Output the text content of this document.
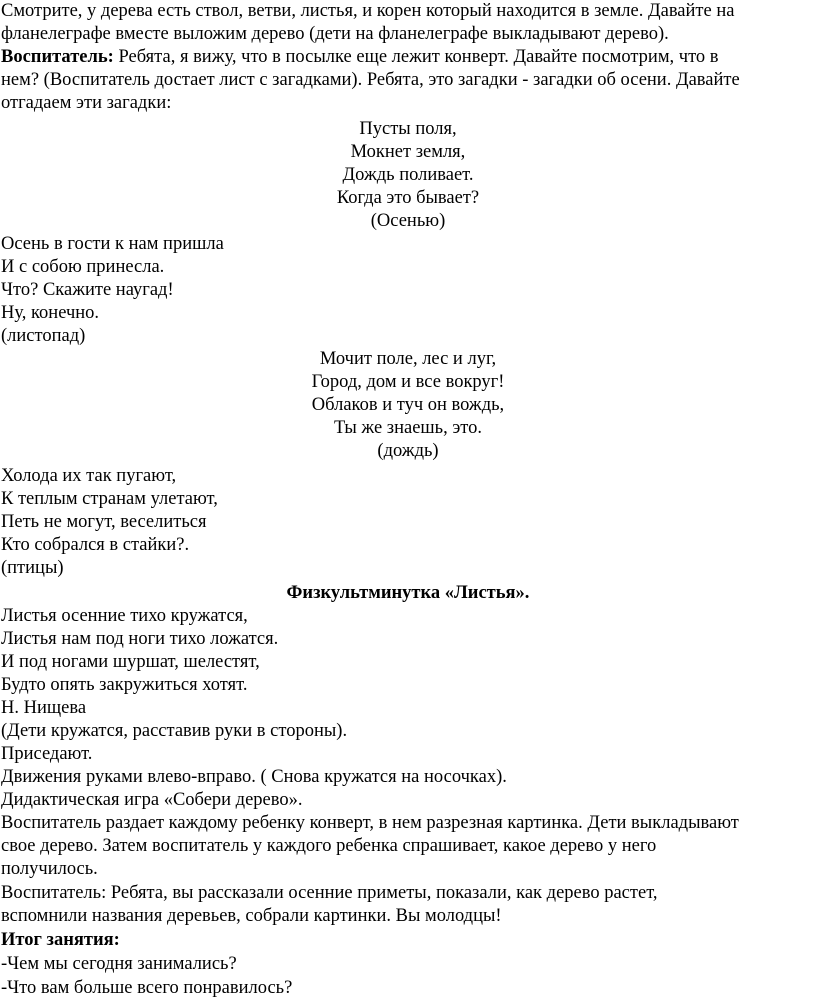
Смотрите, у дерева есть ствол, ветви, листья, и корен который находится в земле. Давайте на
фланелеграфе вместе выложим дерево (дети на фланелеграфе выкладывают дерево).
Воспитатель: Ребята, я вижу, что в посылке еще лежит конверт. Давайте посмотрим, что в
нем? (Воспитатель достает лист с загадками). Ребята, это загадки - загадки об осени. Давайте
отгадаем эти загадки:
Пусты поля,
Мокнет земля,
Дождь поливает.
Когда это бывает?
(Осенью)
Осень в гости к нам пришла
И с собою принесла.
Что? Скажите наугад!
Ну, конечно.
(листопад)
Мочит поле, лес и луг,
Город, дом и все вокруг!
Облаков и туч он вождь,
Ты же знаешь, это.
(дождь)
Холода их так пугают,
К теплым странам улетают,
Петь не могут, веселиться
Кто собрался в стайки?.
(птицы)
Физкультминутка «Листья».
Листья осенние тихо кружатся,
Листья нам под ноги тихо ложатся.
И под ногами шуршат, шелестят,
Будто опять закружиться хотят.
Н. Нищева
(Дети кружатся, расставив руки в стороны).
Приседают.
Движения руками влево-вправо. ( Снова кружатся на носочках).
Дидактическая игра «Собери дерево».
Воспитатель раздает каждому ребенку конверт, в нем разрезная картинка. Дети выкладывают
свое дерево. Затем воспитатель у каждого ребенка спрашивает, какое дерево у него
получилось.
Воспитатель: Ребята, вы рассказали осенние приметы, показали, как дерево растет,
вспомнили названия деревьев, собрали картинки. Вы молодцы!
Итог занятия:
-Чем мы сегодня занимались?
-Что вам больше всего понравилось?
